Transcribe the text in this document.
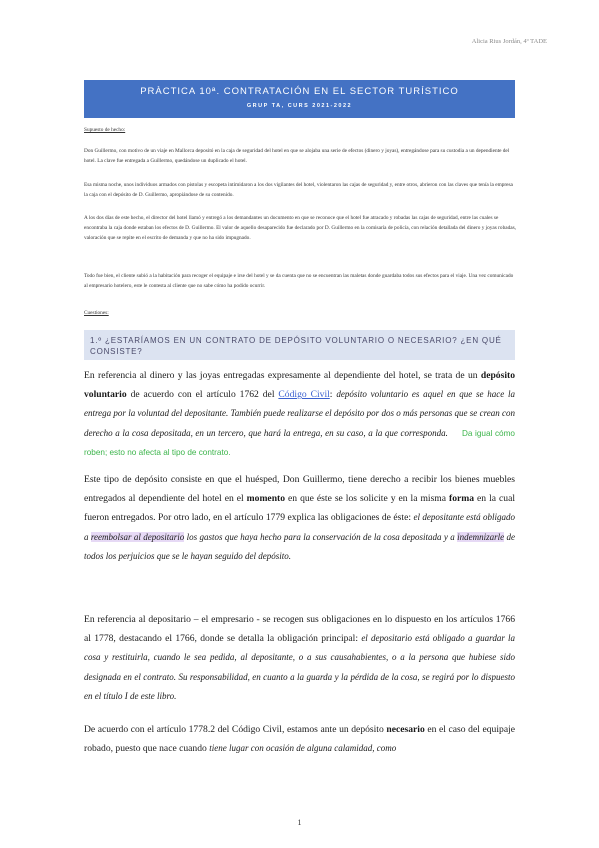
Alicia Rius Jordán, 4º TADE
PRÀCTICA 10ª. CONTRATACIÓN EN EL SECTOR TURÍSTICO
GRUP TA, CURS 2021-2022
Supuesto de hecho:
Don Guillermo, con motivo de un viaje en Mallorca depositó en la caja de seguridad del hotel en que se alojaba una serie de efectos (dinero y joyas), entregándose para su custodia a un dependiente del hotel. La clave fue entregada a Guillermo, quedándose un duplicado el hotel.
Esa misma noche, unos individuos armados con pistolas y escopeta intimidaron a los dos vigilantes del hotel, violentaron las cajas de seguridad y, entre otros, abrieron con las claves que tenía la empresa la caja con el depósito de D. Guillermo, apropiándose de su contenido.
A los dos días de este hecho, el director del hotel llamó y entregó a los demandantes un documento en que se reconoce que el hotel fue atracado y robadas las cajas de seguridad, entre las cuales se encontraba la caja donde estaban los efectos de D. Guillermo. El valor de aquello desaparecido fue declarado por D. Guillermo en la comisaría de policía, con relación detallada del dinero y joyas robadas, valoración que se repite en el escrito de demanda y que no ha sido impugnado.
Todo fue bien, el cliente subió a la habitación para recoger el equipaje e irse del hotel y se da cuenta que no se encuentran las maletas donde guardaba todos sus efectos para el viaje. Una vez comunicado al empresario hotelero, este le contesta al cliente que no sabe cómo ha podido ocurrir.
Cuestiones:
1.º ¿ESTARÍAMOS EN UN CONTRATO DE DEPÓSITO VOLUNTARIO O NECESARIO? ¿EN QUÉ CONSISTE?
En referencia al dinero y las joyas entregadas expresamente al dependiente del hotel, se trata de un depósito voluntario de acuerdo con el artículo 1762 del Código Civil: depósito voluntario es aquel en que se hace la entrega por la voluntad del depositante. También puede realizarse el depósito por dos o más personas que se crean con derecho a la cosa depositada, en un tercero, que hará la entrega, en su caso, a la que corresponda. Da igual cómo roben; esto no afecta al tipo de contrato.
Este tipo de depósito consiste en que el huésped, Don Guillermo, tiene derecho a recibir los bienes muebles entregados al dependiente del hotel en el momento en que éste se los solicite y en la misma forma en la cual fueron entregados. Por otro lado, en el artículo 1779 explica las obligaciones de éste: el depositante está obligado a reembolsar al depositario los gastos que haya hecho para la conservación de la cosa depositada y a indemnizarle de todos los perjuicios que se le hayan seguido del depósito.
En referencia al depositario – el empresario - se recogen sus obligaciones en lo dispuesto en los artículos 1766 al 1778, destacando el 1766, donde se detalla la obligación principal: el depositario está obligado a guardar la cosa y restituirla, cuando le sea pedida, al depositante, o a sus causahabientes, o a la persona que hubiese sido designada en el contrato. Su responsabilidad, en cuanto a la guarda y la pérdida de la cosa, se regirá por lo dispuesto en el título I de este libro.
De acuerdo con el artículo 1778.2 del Código Civil, estamos ante un depósito necesario en el caso del equipaje robado, puesto que nace cuando tiene lugar con ocasión de alguna calamidad, como
1
